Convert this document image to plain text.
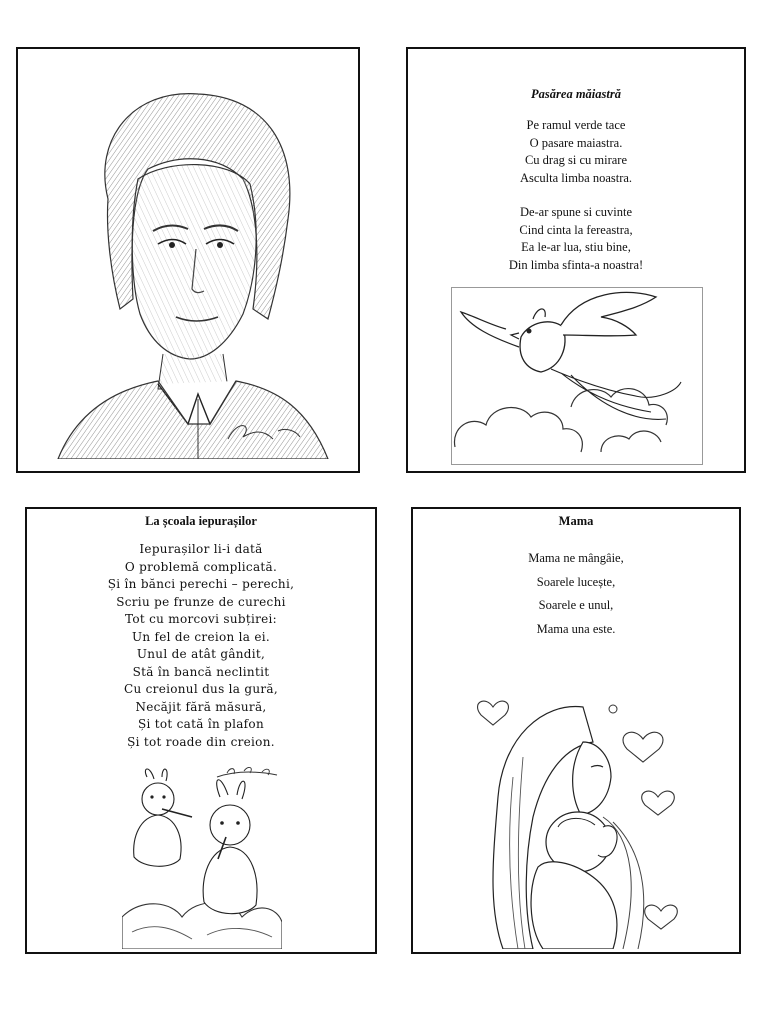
Pasărea măiastră
Pe ramul verde tace
O pasare maiastra.
Cu drag si cu mirare
Asculta limba noastra.
De-ar spune si cuvinte
Cind cinta la fereastra,
Ea le-ar lua, stiu bine,
Din limba sfinta-a noastra!
La școala iepurașilor
Iepurașilor li-i dată
O problemă complicată.
Și în bănci perechi – perechi,
Scriu pe frunze de curechi
Tot cu morcovi subțirei:
Un fel de creion la ei.
Unul de atât gândit,
Stă în bancă neclintit
Cu creionul dus la gură,
Necăjit fără măsură,
Și tot cată în plafon
Și tot roade din creion.
Mama
Mama ne mângâie,
Soarele lucește,
Soarele e unul,
Mama una este.
